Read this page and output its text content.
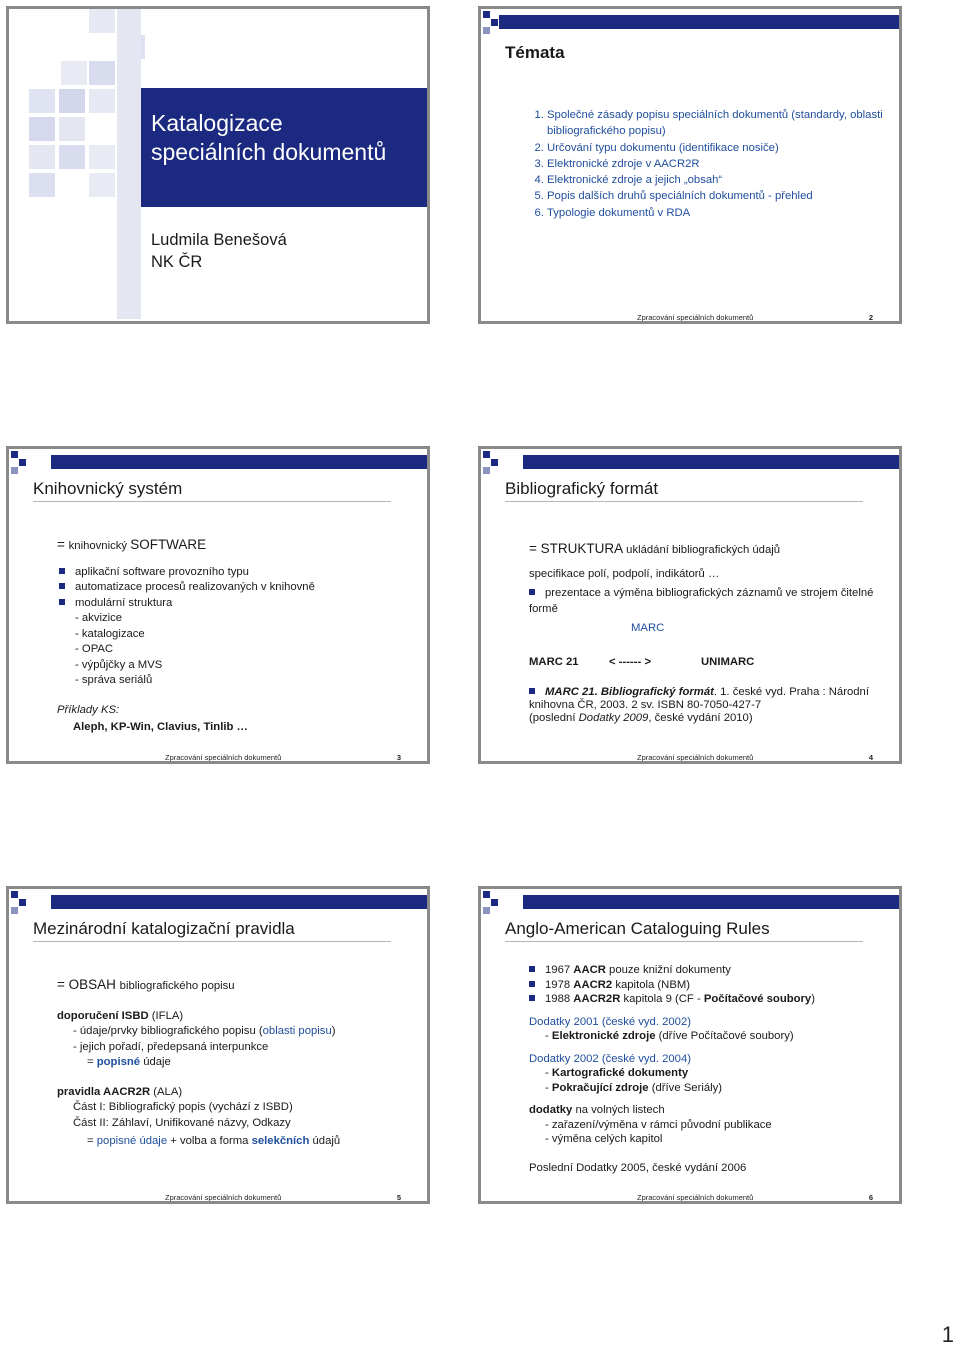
Katalogizace
speciálních dokumentů
Ludmila Benešová
NK ČR
Témata
1. Společné zásady popisu speciálních dokumentů (standardy, oblasti bibliografického popisu)
2. Určování typu dokumentu (identifikace nosiče)
3. Elektronické zdroje v AACR2R
4. Elektronické zdroje a jejich „obsah“
5. Popis dalších druhů speciálních dokumentů - přehled
6. Typologie dokumentů v RDA
Zpracování speciálních dokumentů	2
Knihovnický systém
= knihovnický SOFTWARE
aplikační software provozního typu
automatizace procesů realizovaných v knihovně
modulární struktura
- akvizice
- katalogizace
- OPAC
- výpůjčky a MVS
- správa seriálů
Příklady KS:
Aleph, KP-Win, Clavius, Tinlib …
Zpracování speciálních dokumentů	3
Bibliografický formát
= STRUKTURA ukládání bibliografických údajů
specifikace polí, podpolí, indikátorů …
prezentace a výměna bibliografických záznamů ve strojem čitelné formě
MARC
MARC 21	< ------ >	UNIMARC
MARC 21. Bibliografický formát. 1. české vyd. Praha : Národní knihovna ČR, 2003. 2 sv. ISBN 80-7050-427-7
(poslední Dodatky 2009, české vydání 2010)
Zpracování speciálních dokumentů	4
Mezinárodní katalogizační pravidla
= OBSAH bibliografického popisu
doporučení ISBD (IFLA)
- údaje/prvky bibliografického popisu (oblasti popisu)
- jejich pořadí, předepsaná interpunkce
= popisné údaje
pravidla AACR2R (ALA)
Část I: Bibliografický popis (vychází z ISBD)
Část II: Záhlaví, Unifikované názvy, Odkazy
= popisné údaje + volba a forma selekčních údajů
Zpracování speciálních dokumentů	5
Anglo-American Cataloguing Rules
1967 AACR pouze knižní dokumenty
1978 AACR2 kapitola (NBM)
1988 AACR2R kapitola 9 (CF - Počítačové soubory)
Dodatky 2001 (české vyd. 2002)
- Elektronické zdroje (dříve Počítačové soubory)
Dodatky 2002 (české vyd. 2004)
- Kartografické dokumenty
- Pokračující zdroje (dříve Seriály)
dodatky na volných listech
- zařazení/výměna v rámci původní publikace
- výměna celých kapitol
Poslední Dodatky 2005, české vydání 2006
Zpracování speciálních dokumentů	6
1
